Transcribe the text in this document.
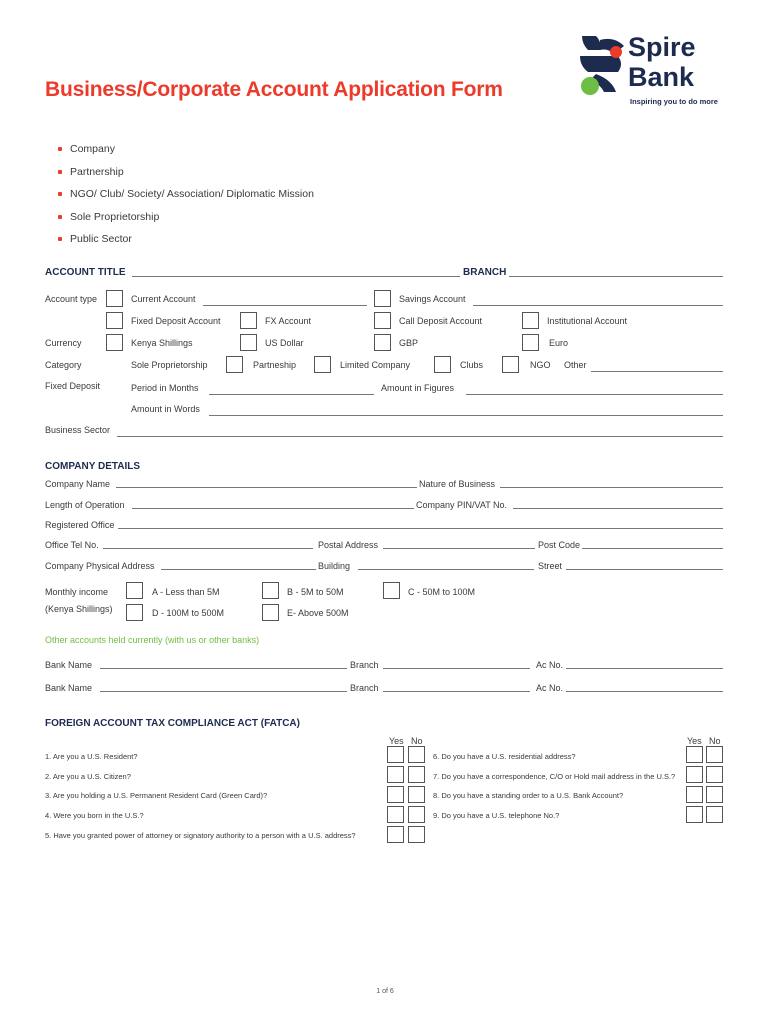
Business/Corporate Account Application Form
Spire
Bank
Inspiring you to do more
Company
Partnership
NGO/ Club/ Society/ Association/ Diplomatic Mission
Sole Proprietorship
Public Sector
ACCOUNT TITLE	BRANCH
Account type	Current Account	Savings Account
Fixed Deposit Account	FX Account	Call Deposit Account	Institutional Account
Currency	Kenya Shillings	US Dollar	GBP	Euro
Category	Sole Proprietorship	Partneship	Limited Company	Clubs	NGO Other
Fixed Deposit	Period in Months	Amount in Figures
Amount in Words
Business Sector
COMPANY DETAILS
Company Name	Nature of Business
Length of Operation	Company PIN/VAT No.
Registered Office
Office Tel No.	Postal Address	Post Code
Company Physical Address	Building	Street
Monthly income
(Kenya Shillings)
A - Less than 5M	B - 5M to 50M	C - 50M to 100M
D - 100M to 500M	E- Above 500M
Other accounts held currently (with us or other banks)
Bank Name	Branch	Ac No.
Bank Name	Branch	Ac No.
FOREIGN ACCOUNT TAX COMPLIANCE ACT (FATCA)
Yes No	Yes No
1. Are you a U.S. Resident?
2. Are you a U.S. Citizen?
3. Are you holding a U.S. Permanent Resident Card (Green Card)?
4. Were you born in the U.S.?
5. Have you granted power of attorney or signatory authority to a person with a U.S. address?
6. Do you have a U.S. residential address?
7. Do you have a correspondence, C/O or Hold mail address in the U.S.?
8. Do you have a standing order to a U.S. Bank Account?
9. Do you have a U.S. telephone No.?
1 of 6
